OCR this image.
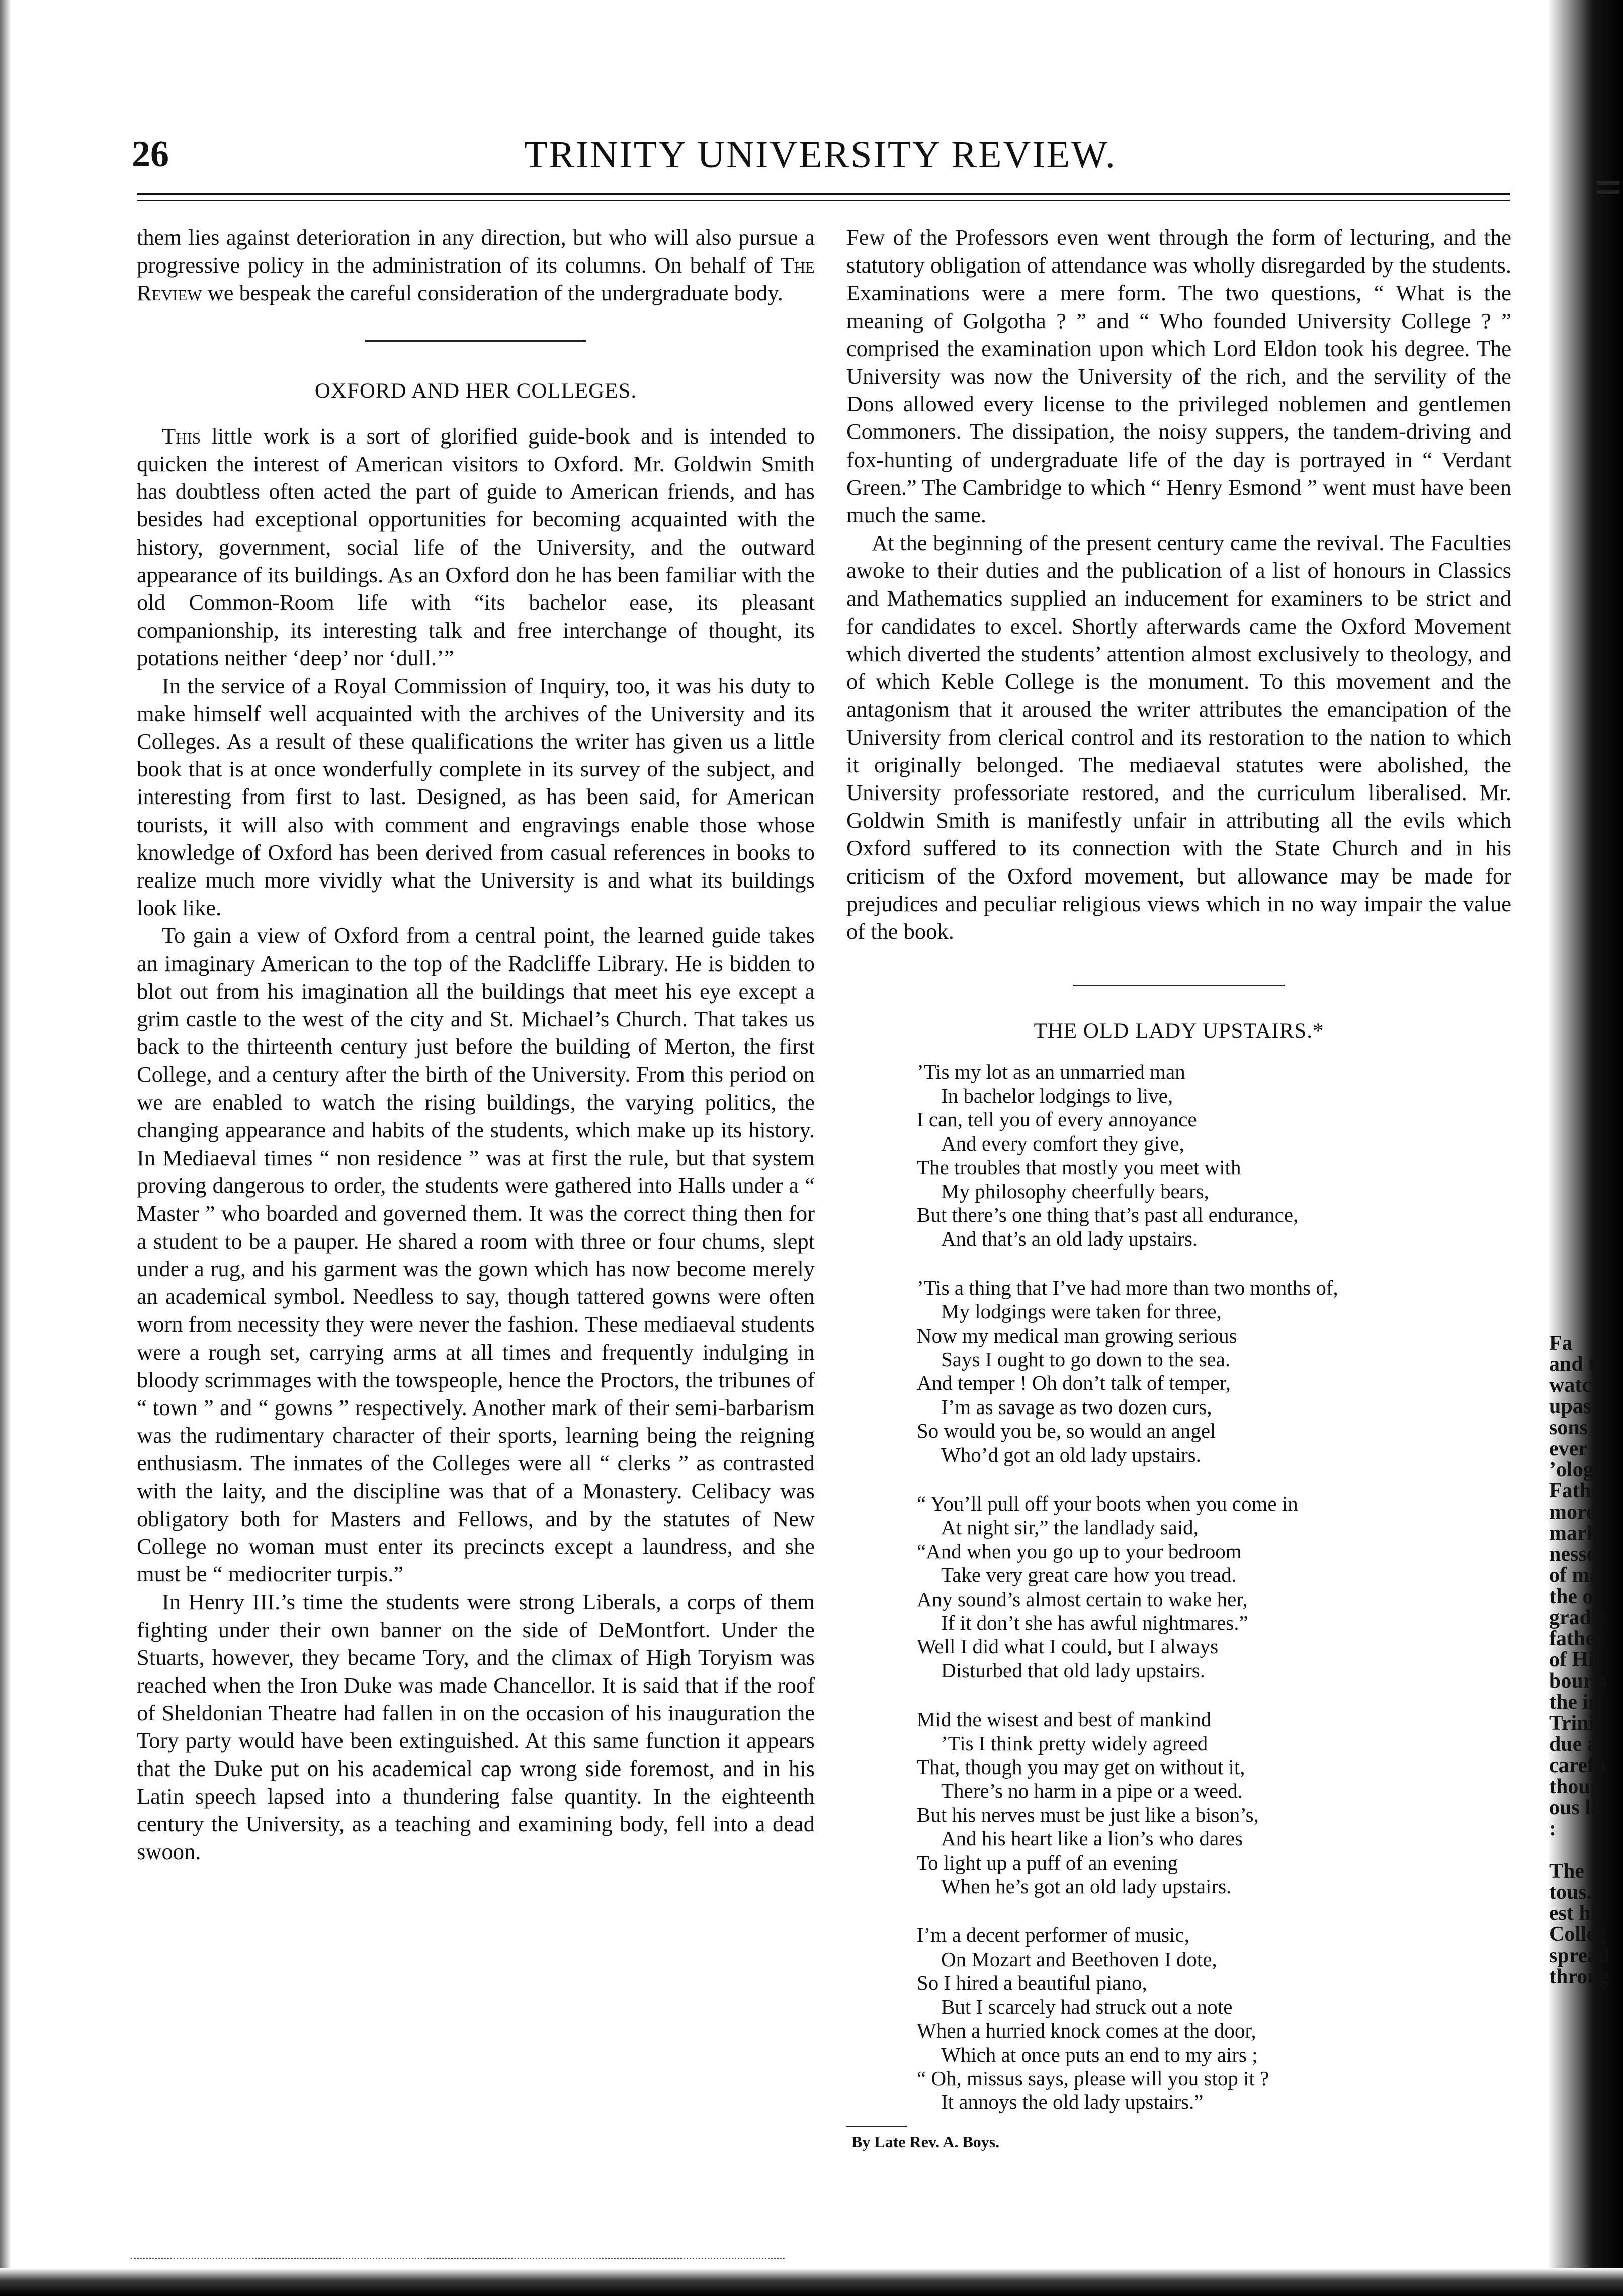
Fa
and t
watc
upas
sons
ever
’ologi
Fathe
more
mark
nesse
of ma
the o
gradu
father
of Hi
bour’s
the in
Trinit
due a
carefu
thoug
ous la
:

The
tous.
est hi
Colleg
spread
throug
26	TRINITY UNIVERSITY REVIEW.

them lies against deterioration in any direction, but who will also pursue a progressive policy in the administration of its columns. On behalf of The Review we bespeak the careful consideration of the undergraduate body.

OXFORD AND HER COLLEGES.

This little work is a sort of glorified guide-book and is intended to quicken the interest of American visitors to Oxford. Mr. Goldwin Smith has doubtless often acted the part of guide to American friends, and has besides had exceptional opportunities for becoming acquainted with the history, government, social life of the University, and the outward appearance of its buildings. As an Oxford don he has been familiar with the old Common-Room life with “its bachelor ease, its pleasant companionship, its interesting talk and free interchange of thought, its potations neither ‘deep’ nor ‘dull.’”

In the service of a Royal Commission of Inquiry, too, it was his duty to make himself well acquainted with the archives of the University and its Colleges. As a result of these qualifications the writer has given us a little book that is at once wonderfully complete in its survey of the subject, and interesting from first to last. Designed, as has been said, for American tourists, it will also with comment and engravings enable those whose knowledge of Oxford has been derived from casual references in books to realize much more vividly what the University is and what its buildings look like.

To gain a view of Oxford from a central point, the learned guide takes an imaginary American to the top of the Radcliffe Library. He is bidden to blot out from his imagination all the buildings that meet his eye except a grim castle to the west of the city and St. Michael’s Church. That takes us back to the thirteenth century just before the building of Merton, the first College, and a century after the birth of the University. From this period on we are enabled to watch the rising buildings, the varying politics, the changing appearance and habits of the students, which make up its history. In Mediaeval times “ non residence ” was at first the rule, but that system proving dangerous to order, the students were gathered into Halls under a “ Master ” who boarded and governed them. It was the correct thing then for a student to be a pauper. He shared a room with three or four chums, slept under a rug, and his garment was the gown which has now become merely an academical symbol. Needless to say, though tattered gowns were often worn from necessity they were never the fashion. These mediaeval students were a rough set, carrying arms at all times and frequently indulging in bloody scrimmages with the towspeople, hence the Proctors, the tribunes of “ town ” and “ gowns ” respectively. Another mark of their semi-barbarism was the rudimentary character of their sports, learning being the reigning enthusiasm. The inmates of the Colleges were all “ clerks ” as contrasted with the laity, and the discipline was that of a Monastery. Celibacy was obligatory both for Masters and Fellows, and by the statutes of New College no woman must enter its precincts except a laundress, and she must be “ mediocriter turpis.”

In Henry III.’s time the students were strong Liberals, a corps of them fighting under their own banner on the side of DeMontfort. Under the Stuarts, however, they became Tory, and the climax of High Toryism was reached when the Iron Duke was made Chancellor. It is said that if the roof of Sheldonian Theatre had fallen in on the occasion of his inauguration the Tory party would have been extinguished. At this same function it appears that the Duke put on his academical cap wrong side foremost, and in his Latin speech lapsed into a thundering false quantity. In the eighteenth century the University, as a teaching and examining body, fell into a dead swoon.

Few of the Professors even went through the form of lecturing, and the statutory obligation of attendance was wholly disregarded by the students. Examinations were a mere form. The two questions, “ What is the meaning of Golgotha ? ” and “ Who founded University College ? ” comprised the examination upon which Lord Eldon took his degree. The University was now the University of the rich, and the servility of the Dons allowed every license to the privileged noblemen and gentlemen Commoners. The dissipation, the noisy suppers, the tandem-driving and fox-hunting of undergraduate life of the day is portrayed in “ Verdant Green.” The Cambridge to which “ Henry Esmond ” went must have been much the same.

At the beginning of the present century came the revival. The Faculties awoke to their duties and the publication of a list of honours in Classics and Mathematics supplied an inducement for examiners to be strict and for candidates to excel. Shortly afterwards came the Oxford Movement which diverted the students’ attention almost exclusively to theology, and of which Keble College is the monument. To this movement and the antagonism that it aroused the writer attributes the emancipation of the University from clerical control and its restoration to the nation to which it originally belonged. The mediaeval statutes were abolished, the University professoriate restored, and the curriculum liberalised. Mr. Goldwin Smith is manifestly unfair in attributing all the evils which Oxford suffered to its connection with the State Church and in his criticism of the Oxford movement, but allowance may be made for prejudices and peculiar religious views which in no way impair the value of the book.

THE OLD LADY UPSTAIRS.*
’Tis my lot as an unmarried man
In bachelor lodgings to live,
I can, tell you of every annoyance
And every comfort they give,
The troubles that mostly you meet with
My philosophy cheerfully bears,
But there’s one thing that’s past all endurance,
And that’s an old lady upstairs.
’Tis a thing that I’ve had more than two months of,
My lodgings were taken for three,
Now my medical man growing serious
Says I ought to go down to the sea.
And temper ! Oh don’t talk of temper,
I’m as savage as two dozen curs,
So would you be, so would an angel
Who’d got an old lady upstairs.
“ You’ll pull off your boots when you come in
At night sir,” the landlady said,
“And when you go up to your bedroom
Take very great care how you tread.
Any sound’s almost certain to wake her,
If it don’t she has awful nightmares.”
Well I did what I could, but I always
Disturbed that old lady upstairs.
Mid the wisest and best of mankind
’Tis I think pretty widely agreed
That, though you may get on without it,
There’s no harm in a pipe or a weed.
But his nerves must be just like a bison’s,
And his heart like a lion’s who dares
To light up a puff of an evening
When he’s got an old lady upstairs.
I’m a decent performer of music,
On Mozart and Beethoven I dote,
So I hired a beautiful piano,
But I scarcely had struck out a note
When a hurried knock comes at the door,
Which at once puts an end to my airs ;
“ Oh, missus says, please will you stop it ?
It annoys the old lady upstairs.”
By Late Rev. A. Boys.
